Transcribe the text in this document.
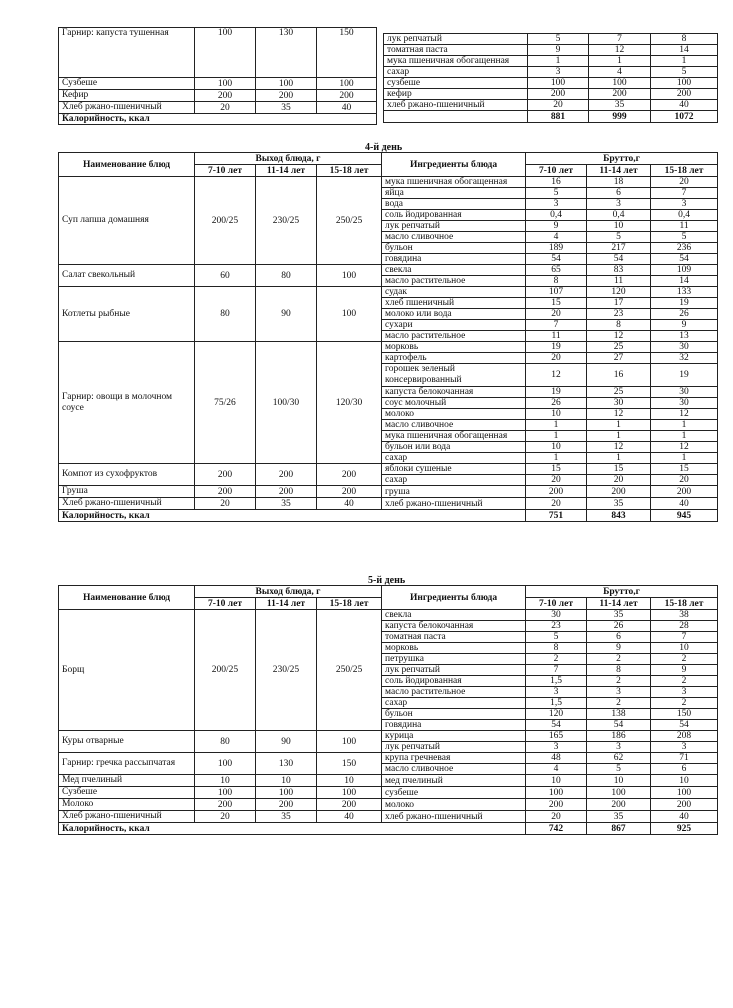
Гарнир: капуста тушенная	100	130	150
Сузбеше	100	100	100
Кефир	200	200	200
Хлеб ржано-пшеничный	20	35	40
Калорийность, ккал			
лук репчатый	5	7	8
томатная паста	9	12	14
мука пшеничная обогащенная	1	1	1
сахар	3	4	5
сузбеше	100	100	100
кефир	200	200	200
хлеб ржано-пшеничный	20	35	40
	881	999	1072
4-й день
Наименование блюд	Выход блюда, г			Ингредиенты блюда	Брутто,г		
	7-10 лет	11-14 лет	15-18 лет		7-10 лет	11-14 лет	15-18 лет
Суп лапша домашняя	200/25	230/25	250/25	мука пшеничная обогащенная	16	18	20
				яйца	5	6	7
				вода	3	3	3
				соль йодированная	0,4	0,4	0,4
				лук репчатый	9	10	11
				масло сливочное	4	5	5
				бульон	189	217	236
				говядина	54	54	54
Салат свекольный	60	80	100	свекла	65	83	109
				масло растительное	8	11	14
Котлеты рыбные	80	90	100	судак	107	120	133
				хлеб пшеничный	15	17	19
				молоко или вода	20	23	26
				сухари	7	8	9
				масло растительное	11	12	13
Гарнир: овощи в молочном соусе	75/26	100/30	120/30	морковь	19	25	30
				картофель	20	27	32
				горошек зеленый консервированный	12	16	19
				капуста белокочанная	19	25	30
				соус молочный	26	30	30
				молоко	10	12	12
				масло сливочное	1	1	1
				мука пшеничная обогащенная	1	1	1
				бульон или вода	10	12	12
				сахар	1	1	1
Компот из сухофруктов	200	200	200	яблоки сушеные	15	15	15
				сахар	20	20	20
Груша	200	200	200	груша	200	200	200
Хлеб ржано-пшеничный	20	35	40	хлеб ржано-пшеничный	20	35	40
Калорийность, ккал					751	843	945
5-й день
Наименование блюд	Выход блюда, г			Ингредиенты блюда	Брутто,г		
	7-10 лет	11-14 лет	15-18 лет		7-10 лет	11-14 лет	15-18 лет
Борщ	200/25	230/25	250/25	свекла	30	35	38
				капуста белокочанная	23	26	28
				томатная паста	5	6	7
				морковь	8	9	10
				петрушка	2	2	2
				лук репчатый	7	8	9
				соль йодированная	1,5	2	2
				масло растительное	3	3	3
				сахар	1,5	2	2
				бульон	120	138	150
				говядина	54	54	54
Куры отварные	80	90	100	курица	165	186	208
				лук репчатый	3	3	3
Гарнир: гречка рассыпчатая	100	130	150	крупа гречневая	48	62	71
				масло сливочное	4	5	6
Мед пчелиный	10	10	10	мед пчелиный	10	10	10
Сузбеше	100	100	100	сузбеше	100	100	100
Молоко	200	200	200	молоко	200	200	200
Хлеб ржано-пшеничный	20	35	40	хлеб ржано-пшеничный	20	35	40
Калорийность, ккал					742	867	925
